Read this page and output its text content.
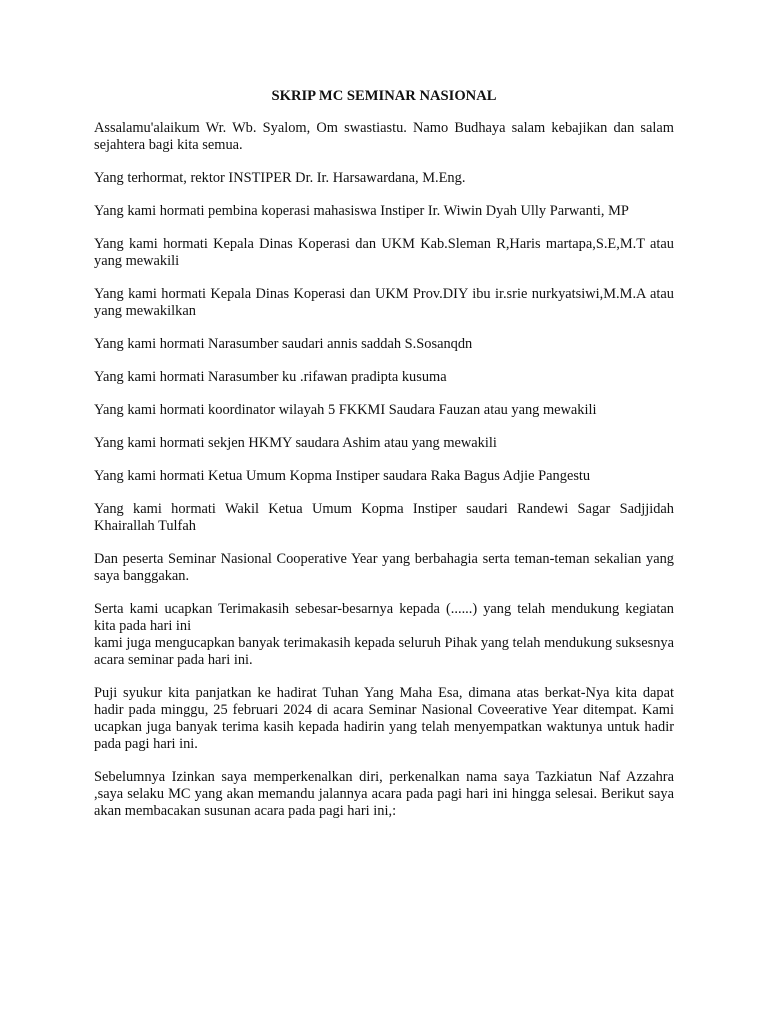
SKRIP MC SEMINAR NASIONAL

Assalamu'alaikum Wr. Wb. Syalom, Om swastiastu. Namo Budhaya salam kebajikan dan salam sejahtera bagi kita semua.

Yang terhormat, rektor INSTIPER Dr. Ir. Harsawardana, M.Eng.

Yang kami hormati pembina koperasi mahasiswa Instiper Ir. Wiwin Dyah Ully Parwanti, MP

Yang kami hormati Kepala Dinas Koperasi dan UKM Kab.Sleman R,Haris martapa,S.E,M.T atau yang mewakili

Yang kami hormati Kepala Dinas Koperasi dan UKM Prov.DIY ibu ir.srie nurkyatsiwi,M.M.A atau yang mewakilkan

Yang kami hormati Narasumber saudari annis saddah S.Sosanqdn

Yang kami hormati Narasumber ku .rifawan pradipta kusuma

Yang kami hormati koordinator wilayah 5 FKKMI Saudara Fauzan atau yang mewakili

Yang kami hormati sekjen HKMY saudara Ashim atau yang mewakili

Yang kami hormati Ketua Umum Kopma Instiper saudara Raka Bagus Adjie Pangestu

Yang kami hormati Wakil Ketua Umum Kopma Instiper saudari Randewi Sagar Sadjjidah Khairallah Tulfah

Dan peserta Seminar Nasional Cooperative Year yang berbahagia serta teman-teman sekalian yang saya banggakan.

Serta kami ucapkan Terimakasih sebesar-besarnya kepada (......) yang telah mendukung kegiatan kita pada hari ini

kami juga mengucapkan banyak terimakasih kepada seluruh Pihak yang telah mendukung suksesnya acara seminar pada hari ini.

Puji syukur kita panjatkan ke hadirat Tuhan Yang Maha Esa, dimana atas berkat-Nya kita dapat hadir pada minggu, 25 februari 2024 di acara Seminar Nasional Coveerative Year ditempat. Kami ucapkan juga banyak terima kasih kepada hadirin yang telah menyempatkan waktunya untuk hadir pada pagi hari ini.

Sebelumnya Izinkan saya memperkenalkan diri, perkenalkan nama saya Tazkiatun Naf Azzahra ,saya selaku MC yang akan memandu jalannya acara pada pagi hari ini hingga selesai. Berikut saya akan membacakan susunan acara pada pagi hari ini,:
